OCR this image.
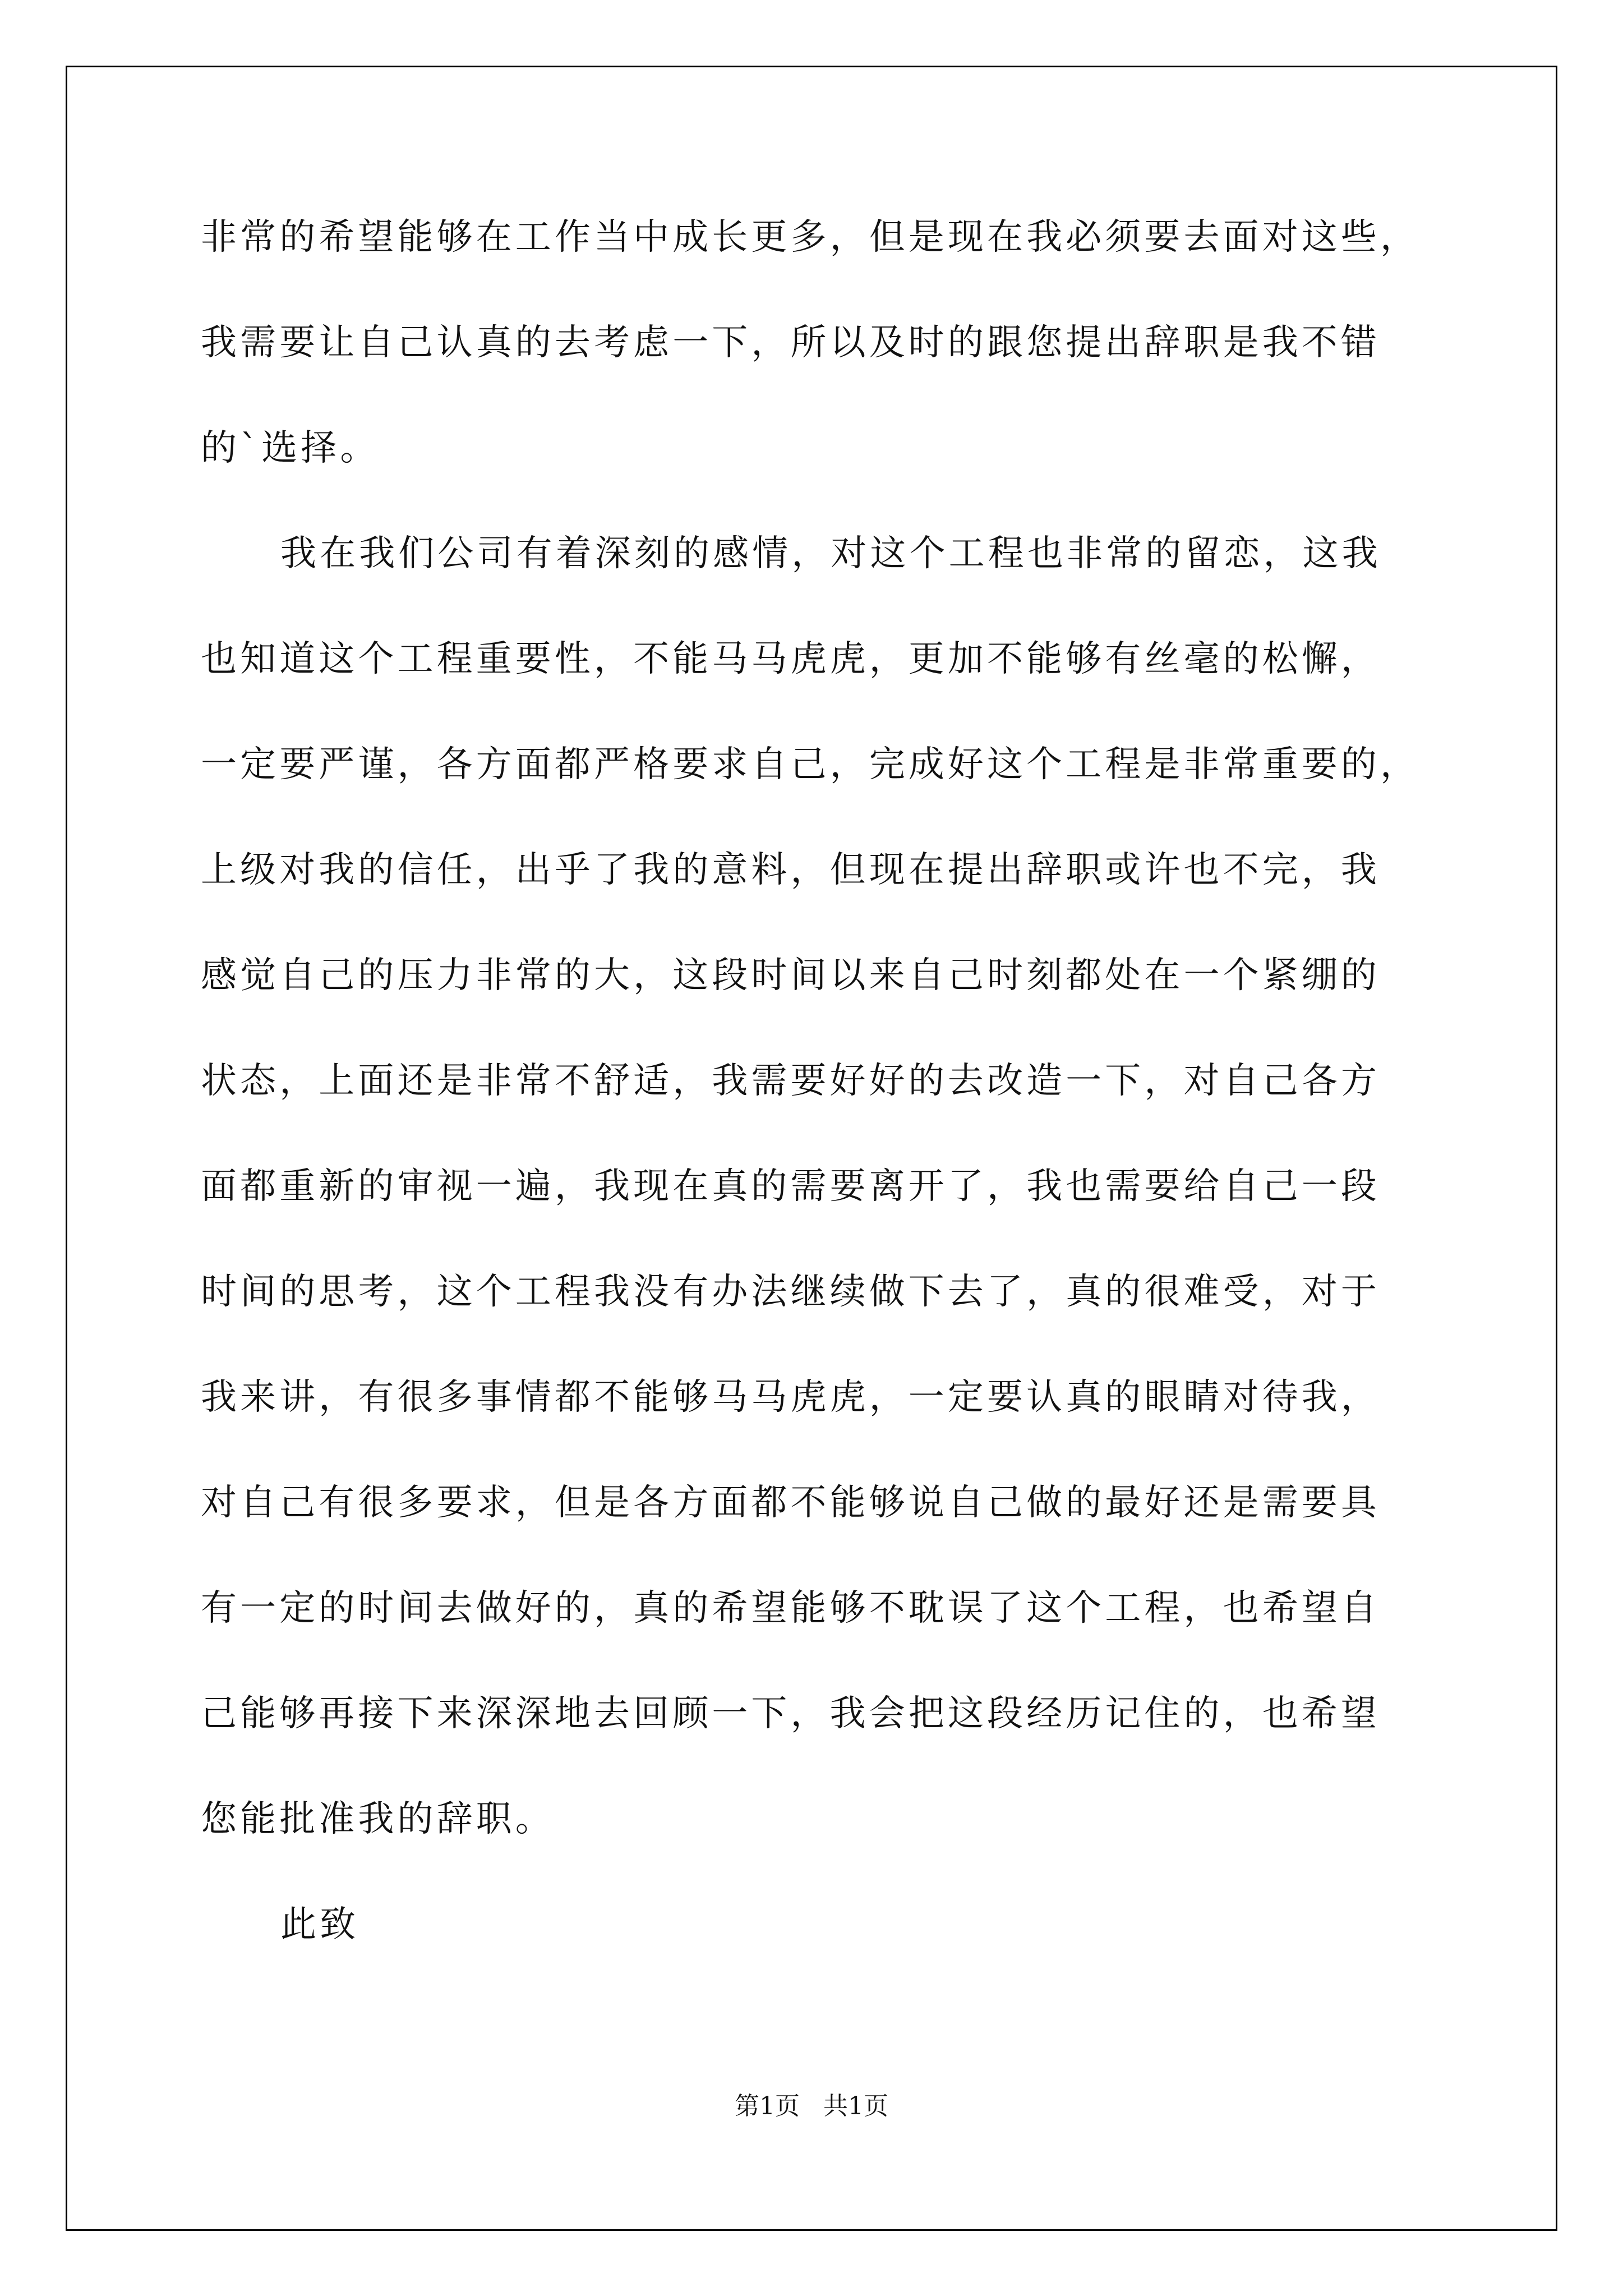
非常的希望能够在工作当中成长更多，但是现在我必须要去面对这些，
我需要让自己认真的去考虑一下，所以及时的跟您提出辞职是我不错
的`选择。
我在我们公司有着深刻的感情，对这个工程也非常的留恋，这我
也知道这个工程重要性，不能马马虎虎，更加不能够有丝毫的松懈，
一定要严谨，各方面都严格要求自己，完成好这个工程是非常重要的，
上级对我的信任，出乎了我的意料，但现在提出辞职或许也不完，我
感觉自己的压力非常的大，这段时间以来自己时刻都处在一个紧绷的
状态，上面还是非常不舒适，我需要好好的去改造一下，对自己各方
面都重新的审视一遍，我现在真的需要离开了，我也需要给自己一段
时间的思考，这个工程我没有办法继续做下去了，真的很难受，对于
我来讲，有很多事情都不能够马马虎虎，一定要认真的眼睛对待我，
对自己有很多要求，但是各方面都不能够说自己做的最好还是需要具
有一定的时间去做好的，真的希望能够不耽误了这个工程，也希望自
己能够再接下来深深地去回顾一下，我会把这段经历记住的，也希望
您能批准我的辞职。
此致
第1页 共1页
